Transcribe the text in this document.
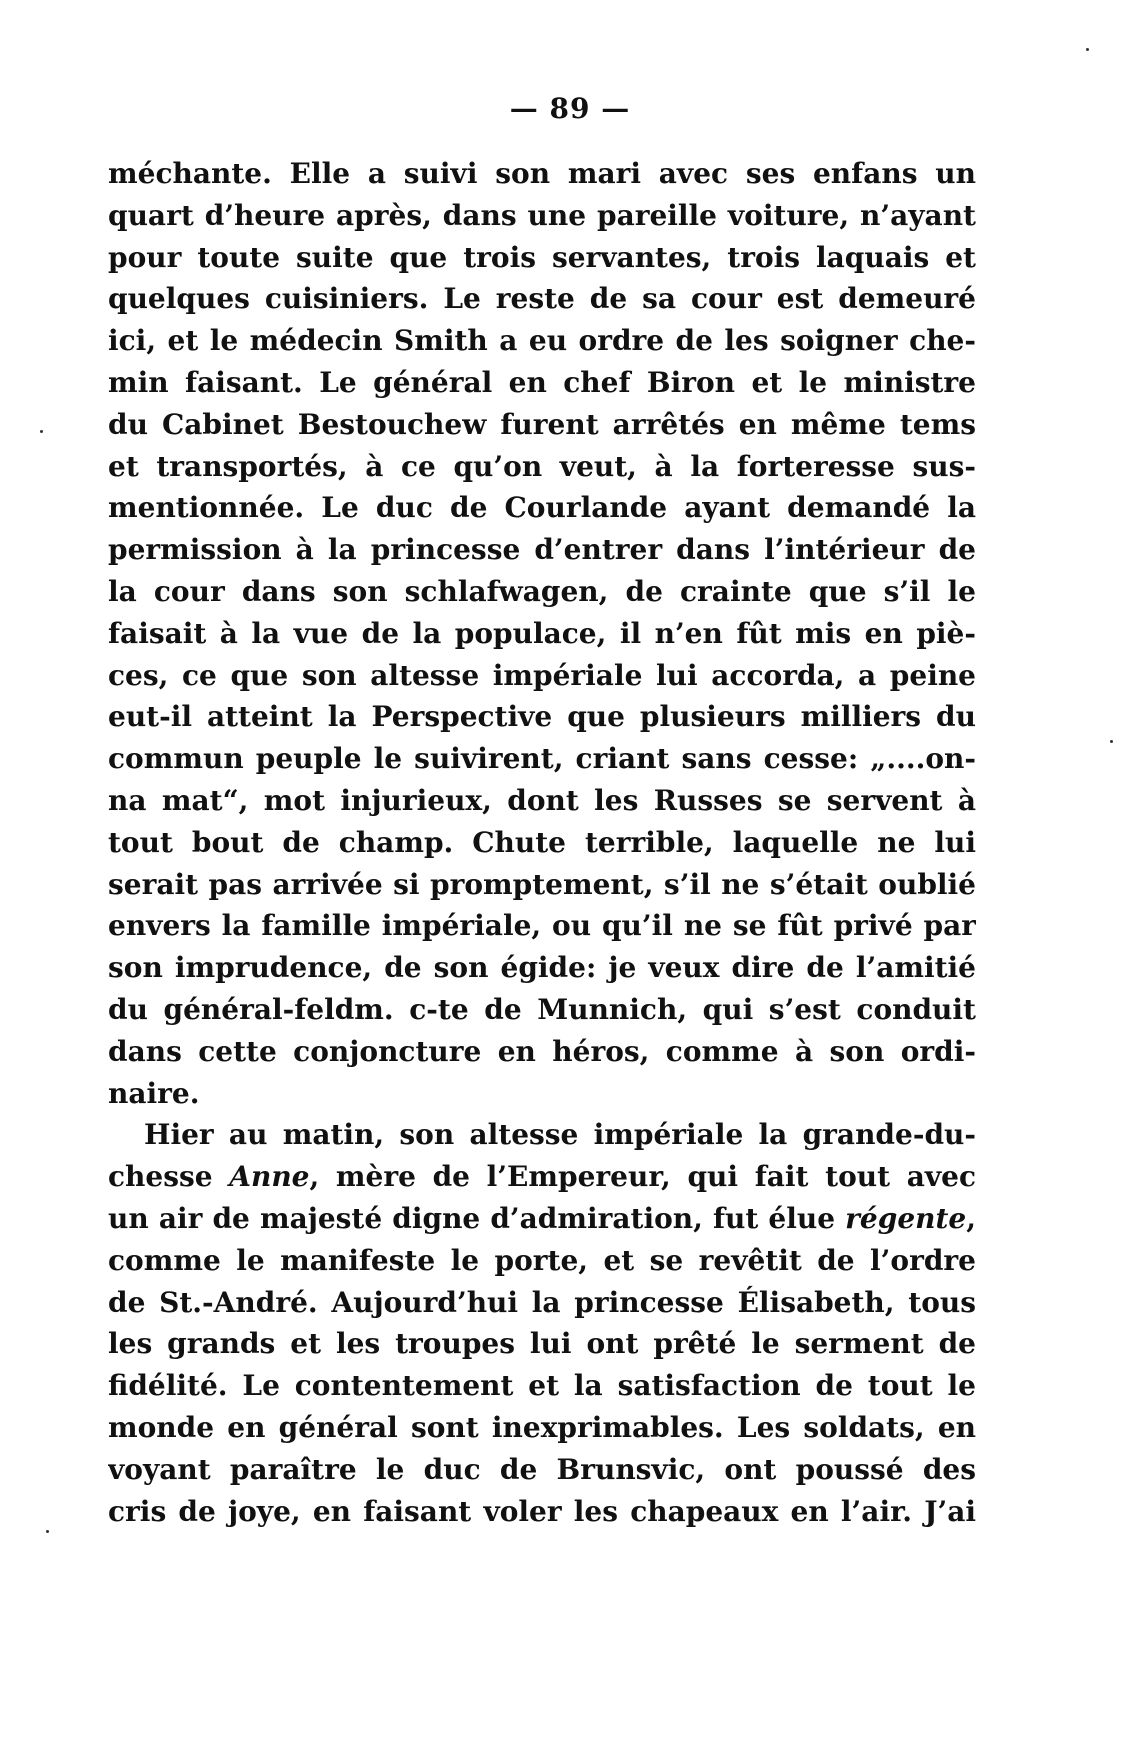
— 89 —
méchante. Elle a suivi son mari avec ses enfans un
quart d’heure après, dans une pareille voiture, n’ayant
pour toute suite que trois servantes, trois laquais et
quelques cuisiniers. Le reste de sa cour est demeuré
ici, et le médecin Smith a eu ordre de les soigner che-
min faisant. Le général en chef Biron et le ministre
du Cabinet Bestouchew furent arrêtés en même tems
et transportés, à ce qu’on veut, à la forteresse sus-
mentionnée. Le duc de Courlande ayant demandé la
permission à la princesse d’entrer dans l’intérieur de
la cour dans son schlafwagen, de crainte que s’il le
faisait à la vue de la populace, il n’en fût mis en piè-
ces, ce que son altesse impériale lui accorda, a peine
eut-il atteint la Perspective que plusieurs milliers du
commun peuple le suivirent, criant sans cesse: „....on-
na mat“, mot injurieux, dont les Russes se servent à
tout bout de champ. Chute terrible, laquelle ne lui
serait pas arrivée si promptement, s’il ne s’était oublié
envers la famille impériale, ou qu’il ne se fût privé par
son imprudence, de son égide: je veux dire de l’amitié
du général-feldm. c-te de Munnich, qui s’est conduit
dans cette conjoncture en héros, comme à son ordi-
naire.
Hier au matin, son altesse impériale la grande-du-
chesse Anne, mère de l’Empereur, qui fait tout avec
un air de majesté digne d’admiration, fut élue régente,
comme le manifeste le porte, et se revêtit de l’ordre
de St.-André. Aujourd’hui la princesse Élisabeth, tous
les grands et les troupes lui ont prêté le serment de
fidélité. Le contentement et la satisfaction de tout le
monde en général sont inexprimables. Les soldats, en
voyant paraître le duc de Brunsvic, ont poussé des
cris de joye, en faisant voler les chapeaux en l’air. J’ai
